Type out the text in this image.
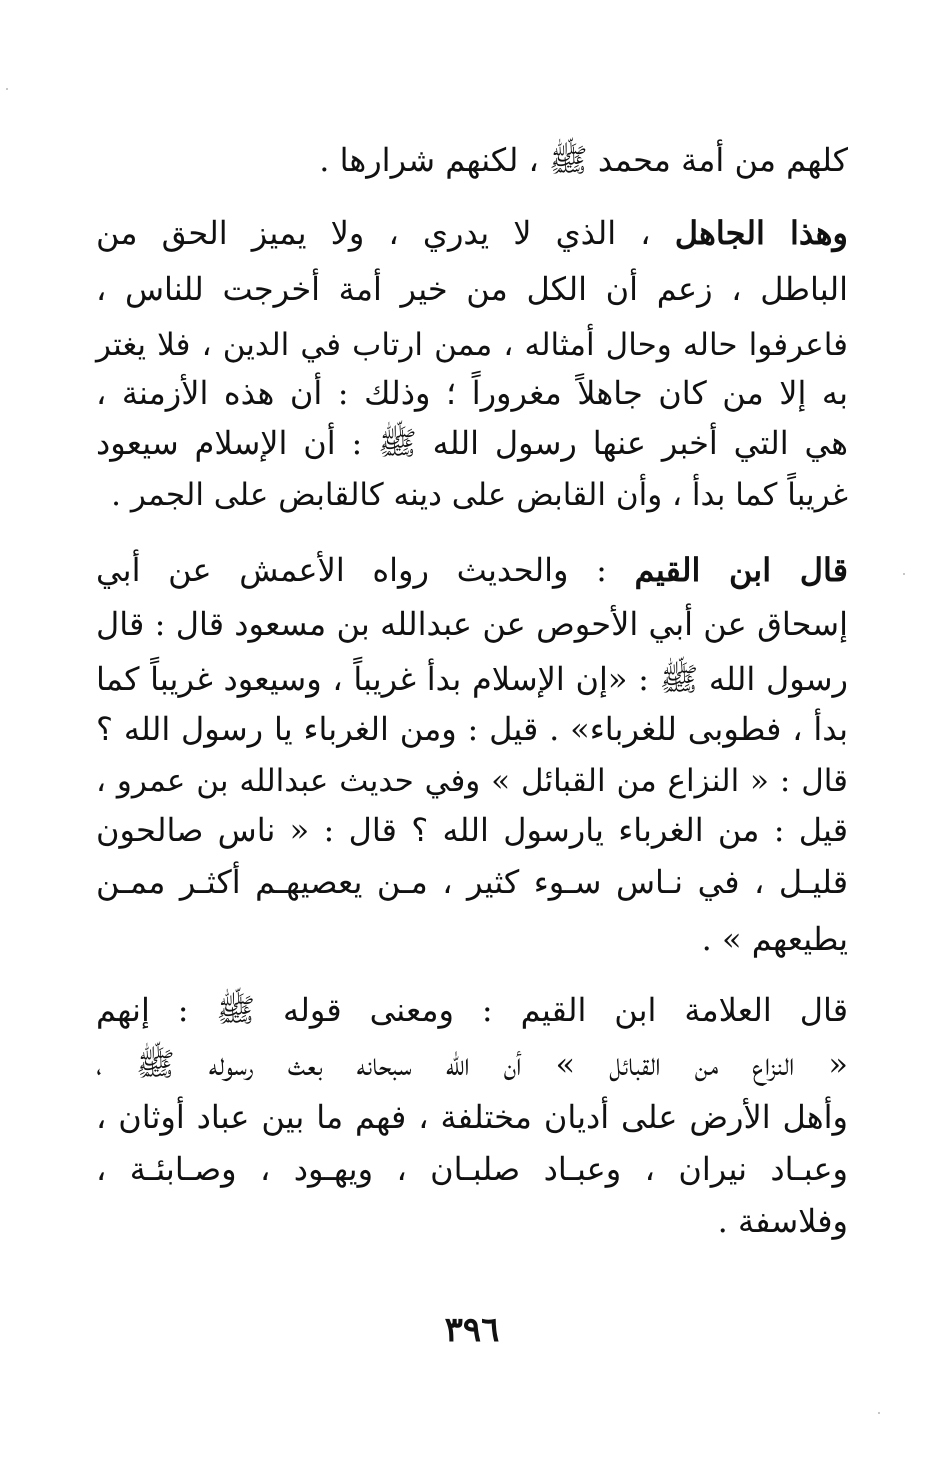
كلهم من أمة محمد ﷺ ، لكنهم شرارها .
وهذا الجاهل ، الذي لا يدري ، ولا يميز الحق من
الباطل ، زعم أن الكل من خير أمة أخرجت للناس ،
فاعرفوا حاله وحال أمثاله ، ممن ارتاب في الدين ، فلا يغتر
به إلا من كان جاهلاً مغروراً ؛ وذلك : أن هذه الأزمنة ،
هي التي أخبر عنها رسول الله ﷺ : أن الإسلام سيعود
غريباً كما بدأ ، وأن القابض على دينه كالقابض على الجمر .
قال ابن القيم : والحديث رواه الأعمش عن أبي
إسحاق عن أبي الأحوص عن عبدالله بن مسعود قال : قال
رسول الله ﷺ : «إن الإسلام بدأ غريباً ، وسيعود غريباً كما
بدأ ، فطوبى للغرباء» . قيل : ومن الغرباء يا رسول الله ؟
قال : « النزاع من القبائل » وفي حديث عبدالله بن عمرو ،
قيل : من الغرباء يارسول الله ؟ قال : « ناس صالحون
قليـل ، في نـاس سـوء كثير ، مـن يعصيهـم أكثـر ممـن
يطيعهم » .
قال العلامة ابن القيم : ومعنى قوله ﷺ : إنهم
« النزاع من القبائل » أن الله سبحانه بعث رسوله ﷺ ،
وأهل الأرض على أديان مختلفة ، فهم ما بين عباد أوثان ،
وعبـاد نيران ، وعبـاد صلبـان ، ويهـود ، وصـابئـة ،
وفلاسفة .
٣٩٦
